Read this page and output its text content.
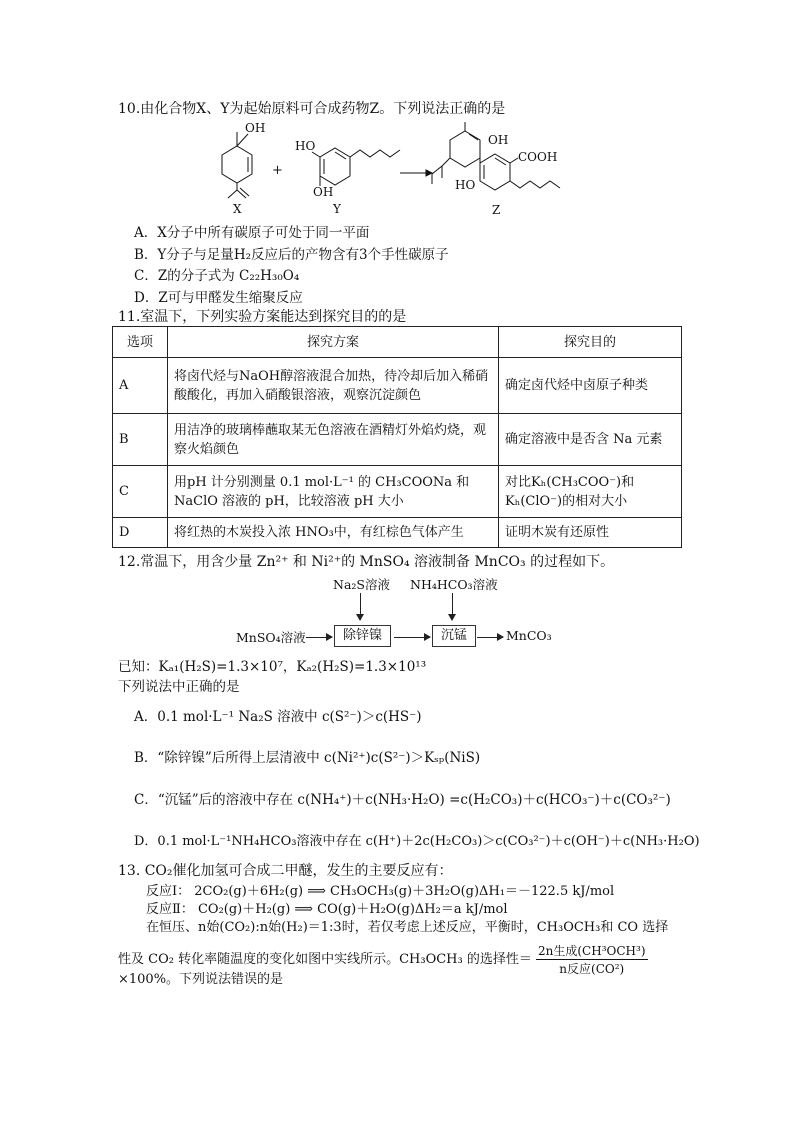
10.由化合物X、Y为起始原料可合成药物Z。下列说法正确的是
OH
X
+
HO
OH
Y
OH
COOH
HO
Z
A．X分子中所有碳原子可处于同一平面
B．Y分子与足量H₂反应后的产物含有3个手性碳原子
C．Z的分子式为 C₂₂H₃₀O₄
D．Z可与甲醛发生缩聚反应
11.室温下，下列实验方案能达到探究目的的是
选项	探究方案	探究目的
A	将卤代烃与NaOH醇溶液混合加热，待冷却后加入稀硝酸酸化，再加入硝酸银溶液，观察沉淀颜色	确定卤代烃中卤原子种类
B	用洁净的玻璃棒蘸取某无色溶液在酒精灯外焰灼烧，观察火焰颜色	确定溶液中是否含 Na 元素
C	用pH 计分别测量 0.1 mol·L⁻¹ 的 CH₃COONa 和 NaClO 溶液的 pH，比较溶液 pH 大小	对比Kₕ(CH₃COO⁻)和Kₕ(ClO⁻)的相对大小
D	将红热的木炭投入浓 HNO₃中，有红棕色气体产生	证明木炭有还原性
12.常温下，用含少量 Zn²⁺ 和 Ni²⁺的 MnSO₄ 溶液制备 MnCO₃ 的过程如下。
Na₂S溶液 NH₄HCO₃溶液
MnSO₄溶液	除锌镍	沉锰	MnCO₃
已知：Kₐ₁(H₂S)=1.3×10⁷，Kₐ₂(H₂S)=1.3×10¹³
下列说法中正确的是
A．0.1 mol·L⁻¹ Na₂S 溶液中 c(S²⁻)＞c(HS⁻)
B．“除锌镍”后所得上层清液中 c(Ni²⁺)c(S²⁻)＞Kₛₚ(NiS)
C．“沉锰”后的溶液中存在 c(NH₄⁺)＋c(NH₃·H₂O) =c(H₂CO₃)＋c(HCO₃⁻)＋c(CO₃²⁻)
D．0.1 mol·L⁻¹NH₄HCO₃溶液中存在 c(H⁺)＋2c(H₂CO₃)＞c(CO₃²⁻)＋c(OH⁻)＋c(NH₃·H₂O)
13. CO₂催化加氢可合成二甲醚，发生的主要反应有：
反应Ⅰ： 2CO₂(g)＋6H₂(g) ⟹ CH₃OCH₃(g)＋3H₂O(g)ΔH₁＝－122.5 kJ/mol
反应Ⅱ： CO₂(g)＋H₂(g) ⟹ CO(g)＋H₂O(g)ΔH₂＝a kJ/mol
在恒压、n始(CO₂):n始(H₂)＝1:3时，若仅考虑上述反应，平衡时，CH₃OCH₃和 CO 选择
性及 CO₂ 转化率随温度的变化如图中实线所示。CH₃OCH₃ 的选择性＝ $\frac{\text{2n生成(CH³OCH³)}}{\text{n反应(CO²)}}$
×100%。下列说法错误的是
